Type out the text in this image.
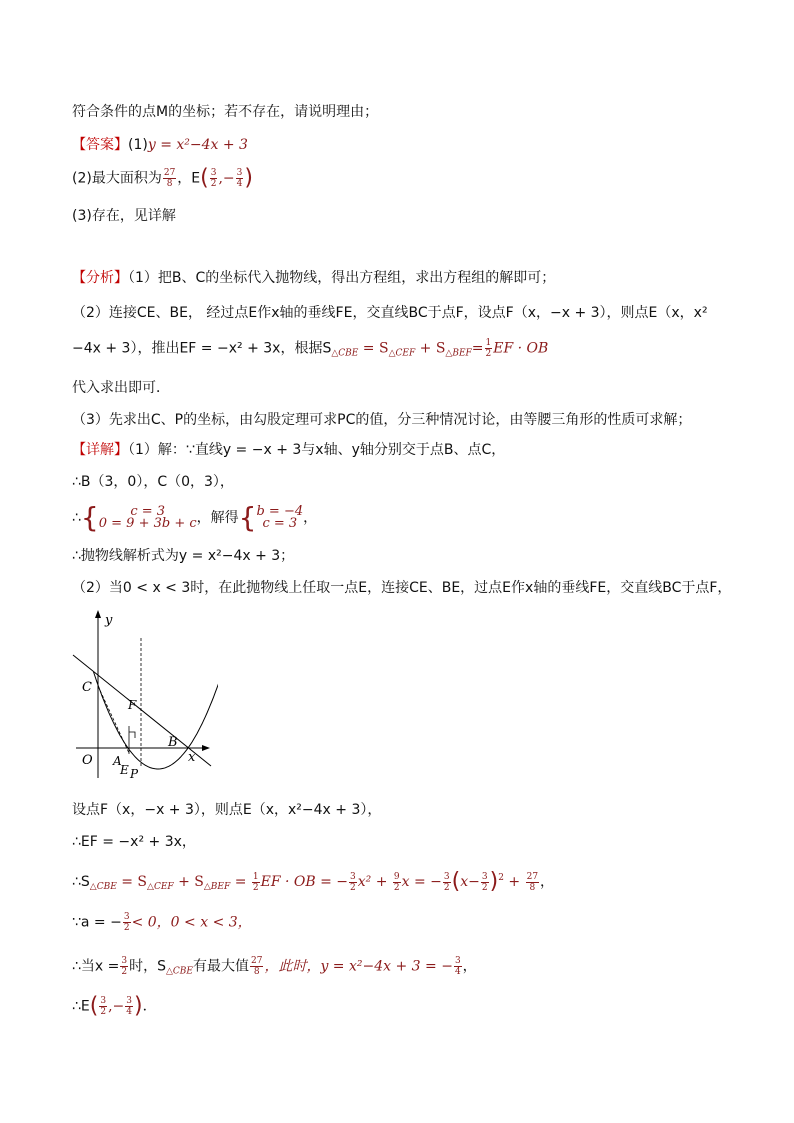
符合条件的点M的坐标；若不存在，请说明理由；
【答案】(1)y = x²−4x + 3
(2)最大面积为 $\frac{27}{8}$ ，$E( \frac{3}{2}$ ,− $\frac{3}{4}$ )
(3)存在，见详解
【分析】（1）把B、C的坐标代入抛物线，得出方程组，求出方程组的解即可；
（2）连接CE、BE， 经过点E作x轴的垂线FE，交直线BC于点F，设点F（x，−x + 3），则点E（x，x²
−4x + 3），推出EF = −x² + 3x，根据$S_{\triangle CBE} = S_{\triangle CEF} + S_{\triangle BEF}= \frac{1}{2}$ EF · OB
代入求出即可．
（3）先求出C、P的坐标，由勾股定理可求PC的值，分三种情况讨论，由等腰三角形的性质可求解；
【详解】（1）解：∵直线y = −x + 3与x轴、y轴分别交于点B、点C，
∴B（3，0），C（0，3），
∴{	c = 3
0 = 9 + 3b + c ，解得{ b = −4
c = 3 ，
∴抛物线解析式为y = x²−4x + 3；
（2）当0 < x < 3时，在此抛物线上任取一点E，连接CE、BE，过点E作x轴的垂线FE，交直线BC于点F，
y
x
C
F
B
O A
E P
设点F（x，−x + 3），则点E（x，x²−4x + 3），
∴EF = −x² + 3x，
$\therefore S_{\triangle CBE} = S_{\triangle CEF} + S_{\triangle BEF} = \frac{1}{2}$ EF · OB = − $\frac{3}{2} x^2 + \frac{9}{2}$ x = − $\frac{3}{2} (x- \frac{3}{2} )^2 + \frac{27}{8}$ ，
∵a = − $\frac{3}{2} < 0$，0 < x < 3，
∴当$x = \frac{3}{2}$ 时，$S_{\triangle CBE}$有最大值 $\frac{27}{8}$ ，此时，y = x²−4x + 3 = − $\frac{3}{4}$ ，
∴E( $\frac{3}{2}$ ,− $\frac{3}{4}$ )．
